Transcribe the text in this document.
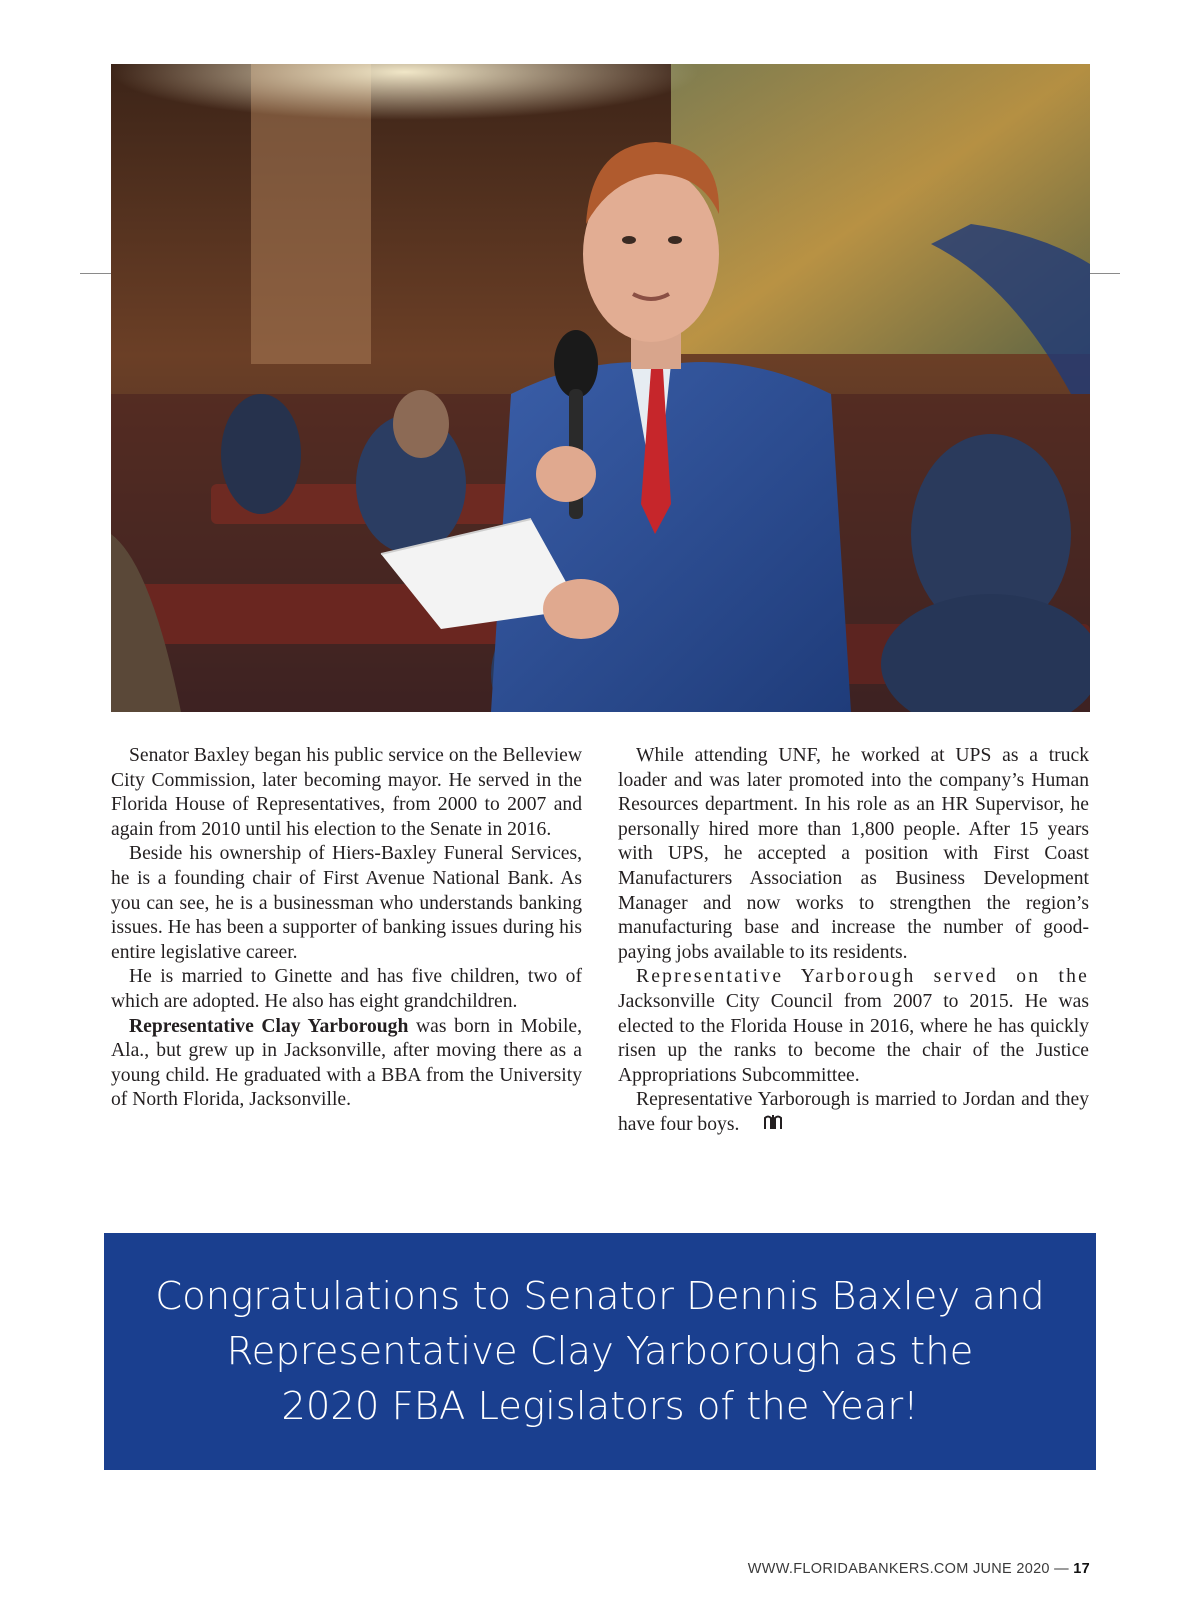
Senator Baxley began his public service on the Belleview City Commission, later becoming mayor. He served in the Florida House of Representatives, from 2000 to 2007 and again from 2010 until his election to the Senate in 2016.

Beside his ownership of Hiers-Baxley Funeral Services, he is a founding chair of First Avenue National Bank. As you can see, he is a businessman who understands banking issues. He has been a supporter of banking issues during his entire legislative career.

He is married to Ginette and has five children, two of which are adopted. He also has eight grandchildren.

Representative Clay Yarborough was born in Mobile, Ala., but grew up in Jacksonville, after moving there as a young child. He graduated with a BBA from the University of North Florida, Jacksonville.

While attending UNF, he worked at UPS as a truck loader and was later promoted into the company’s Human Resources department. In his role as an HR Supervisor, he personally hired more than 1,800 people. After 15 years with UPS, he accepted a position with First Coast Manufacturers Association as Business Development Manager and now works to strengthen the region’s manufacturing base and increase the number of good-paying jobs available to its residents.

Representative Yarborough served on the Jacksonville City Council from 2007 to 2015. He was elected to the Florida House in 2016, where he has quickly risen up the ranks to become the chair of the Justice Appropriations Subcommittee.

Representative Yarborough is married to Jordan and they have four boys.

Congratulations to Senator Dennis Baxley and
Representative Clay Yarborough as the
2020 FBA Legislators of the Year!
WWW.FLORIDABANKERS.COM JUNE 2020 — 17
